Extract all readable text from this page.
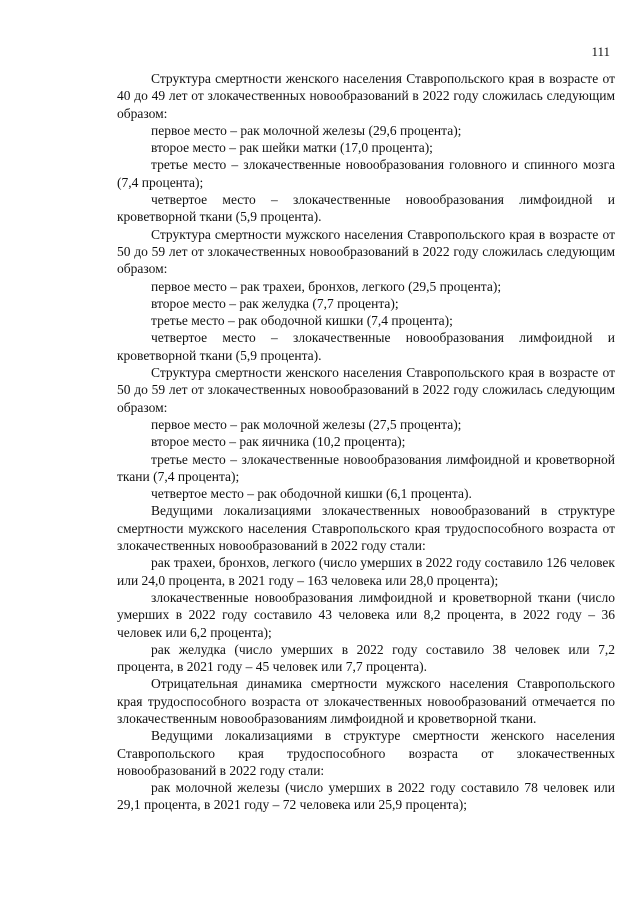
111

Структура смертности женского населения Ставропольского края в возрасте от 40 до 49 лет от злокачественных новообразований в 2022 году сложилась следующим образом:

первое место – рак молочной железы (29,6 процента);

второе место – рак шейки матки (17,0 процента);

третье место – злокачественные новообразования головного и спинного мозга (7,4 процента);

четвертое место – злокачественные новообразования лимфоидной и кроветворной ткани (5,9 процента).

Структура смертности мужского населения Ставропольского края в возрасте от 50 до 59 лет от злокачественных новообразований в 2022 году сложилась следующим образом:

первое место – рак трахеи, бронхов, легкого (29,5 процента);

второе место – рак желудка (7,7 процента);

третье место – рак ободочной кишки (7,4 процента);

четвертое место – злокачественные новообразования лимфоидной и кроветворной ткани (5,9 процента).

Структура смертности женского населения Ставропольского края в возрасте от 50 до 59 лет от злокачественных новообразований в 2022 году сложилась следующим образом:

первое место – рак молочной железы (27,5 процента);

второе место – рак яичника (10,2 процента);

третье место – злокачественные новообразования лимфоидной и кроветворной ткани (7,4 процента);

четвертое место – рак ободочной кишки (6,1 процента).

Ведущими локализациями злокачественных новообразований в структуре смертности мужского населения Ставропольского края трудоспособного возраста от злокачественных новообразований в 2022 году стали:

рак трахеи, бронхов, легкого (число умерших в 2022 году составило 126 человек или 24,0 процента, в 2021 году – 163 человека или 28,0 процента);

злокачественные новообразования лимфоидной и кроветворной ткани (число умерших в 2022 году составило 43 человека или 8,2 процента, в 2022 году – 36 человек или 6,2 процента);

рак желудка (число умерших в 2022 году составило 38 человек или 7,2 процента, в 2021 году – 45 человек или 7,7 процента).

Отрицательная динамика смертности мужского населения Ставропольского края трудоспособного возраста от злокачественных новообразований отмечается по злокачественным новообразованиям лимфоидной и кроветворной ткани.

Ведущими локализациями в структуре смертности женского населения Ставропольского края трудоспособного возраста от злокачественных новообразований в 2022 году стали:

рак молочной железы (число умерших в 2022 году составило 78 человек или 29,1 процента, в 2021 году – 72 человека или 25,9 процента);
